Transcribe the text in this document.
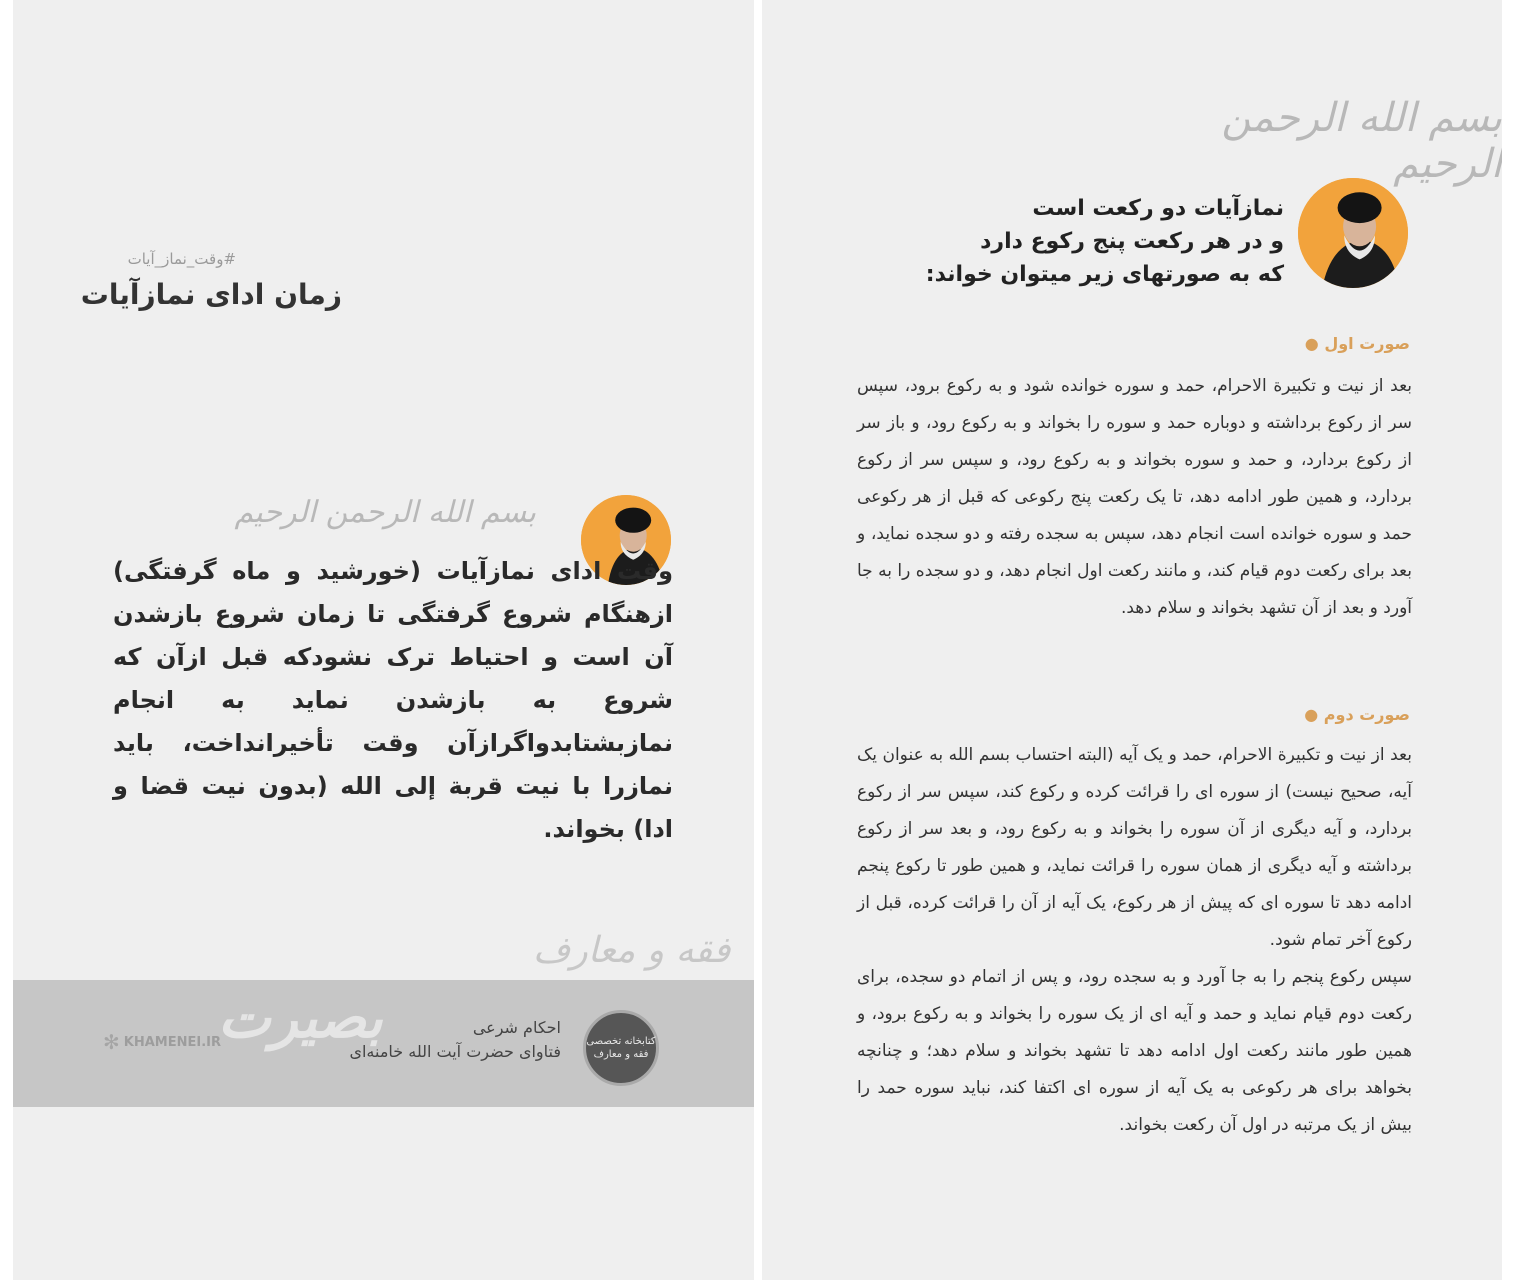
#وقت_نماز_آیات
زمان ادای نمازآیات
بسم الله الرحمن الرحیم

وقت ادای نمازآیات (خورشید و ماه گرفتگی) ازهنگام شروع گرفتگی تا زمان شروع بازشدن آن است و احتیاط ترک نشودکه قبل ازآن که شروع به بازشدن نماید به انجام نمازبشتابدواگرازآن وقت تأخیرانداخت، باید نمازرا با نیت قربة إلی الله (بدون نیت قضا و ادا) بخواند.

فقه و معارف
بصیرت	کتابخانه تخصصی فقه و معارف
احکام شرعی
فتاوای حضرت آیت الله خامنه‌ای
✻ KHAMENEI.IR
بسم الله الرحمن الرحیم
نمازآیات دو رکعت است
و در هر رکعت پنج رکوع دارد
که به صورتهای زیر میتوان خواند:
صورت اول ●

بعد از نیت و تکبیرة الاحرام، حمد و سوره خوانده شود و به رکوع برود، سپس سر از رکوع برداشته و دوباره حمد و سوره را بخواند و به رکوع رود، و باز سر از رکوع بردارد، و حمد و سوره بخواند و به رکوع رود، و سپس سر از رکوع بردارد، و همین طور ادامه دهد، تا یک رکعت پنج رکوعی که قبل از هر رکوعی حمد و سوره خوانده است انجام دهد، سپس به سجده رفته و دو سجده نماید، و بعد برای رکعت دوم قیام کند، و مانند رکعت اول انجام دهد، و دو سجده را به جا آورد و بعد از آن تشهد بخواند و سلام دهد.

صورت دوم ●

بعد از نیت و تکبیرة الاحرام، حمد و یک آیه (البته احتساب بسم الله به عنوان یک آیه، صحیح نیست) از سوره ای را قرائت کرده و رکوع کند، سپس سر از رکوع بردارد، و آیه دیگری از آن سوره را بخواند و به رکوع رود، و بعد سر از رکوع برداشته و آیه دیگری از همان سوره را قرائت نماید، و همین طور تا رکوع پنجم ادامه دهد تا سوره ای که پیش از هر رکوع، یک آیه از آن را قرائت کرده، قبل از رکوع آخر تمام شود.

سپس رکوع پنجم را به جا آورد و به سجده رود، و پس از اتمام دو سجده، برای رکعت دوم قیام نماید و حمد و آیه ای از یک سوره را بخواند و به رکوع برود، و همین طور مانند رکعت اول ادامه دهد تا تشهد بخواند و سلام دهد؛ و چنانچه بخواهد برای هر رکوعی به یک آیه از سوره ای اکتفا کند، نباید سوره حمد را بیش از یک مرتبه در اول آن رکعت بخواند.
